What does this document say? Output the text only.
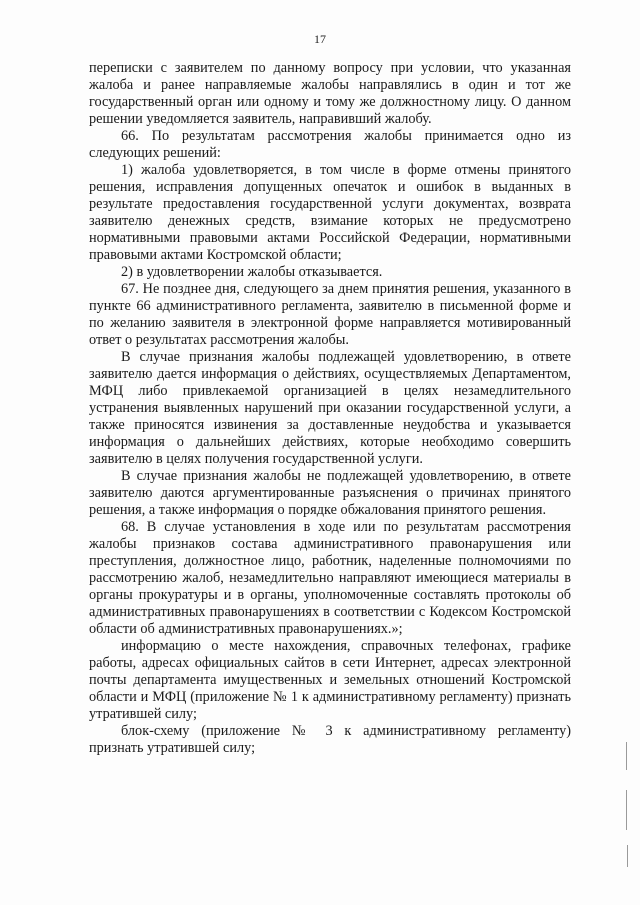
17

переписки с заявителем по данному вопросу при условии, что указанная жалоба и ранее направляемые жалобы направлялись в один и тот же государственный орган или одному и тому же должностному лицу. О данном решении уведомляется заявитель, направивший жалобу.

66. По результатам рассмотрения жалобы принимается одно из следующих решений:

1) жалоба удовлетворяется, в том числе в форме отмены принятого решения, исправления допущенных опечаток и ошибок в выданных в результате предоставления государственной услуги документах, возврата заявителю денежных средств, взимание которых не предусмотрено нормативными правовыми актами Российской Федерации, нормативными правовыми актами Костромской области;

2) в удовлетворении жалобы отказывается.

67. Не позднее дня, следующего за днем принятия решения, указанного в пункте 66 административного регламента, заявителю в письменной форме и по желанию заявителя в электронной форме направляется мотивированный ответ о результатах рассмотрения жалобы.

В случае признания жалобы подлежащей удовлетворению, в ответе заявителю дается информация о действиях, осуществляемых Департаментом, МФЦ либо привлекаемой организацией в целях незамедлительного устранения выявленных нарушений при оказании государственной услуги, а также приносятся извинения за доставленные неудобства и указывается информация о дальнейших действиях, которые необходимо совершить заявителю в целях получения государственной услуги.

В случае признания жалобы не подлежащей удовлетворению, в ответе заявителю даются аргументированные разъяснения о причинах принятого решения, а также информация о порядке обжалования принятого решения.

68. В случае установления в ходе или по результатам рассмотрения жалобы признаков состава административного правонарушения или преступления, должностное лицо, работник, наделенные полномочиями по рассмотрению жалоб, незамедлительно направляют имеющиеся материалы в органы прокуратуры и в органы, уполномоченные составлять протоколы об административных правонарушениях в соответствии с Кодексом Костромской области об административных правонарушениях.»;

информацию о месте нахождения, справочных телефонах, графике работы, адресах официальных сайтов в сети Интернет, адресах электронной почты департамента имущественных и земельных отношений Костромской области и МФЦ (приложение № 1 к административному регламенту) признать утратившей силу;

блок-схему (приложение № 3 к административному регламенту) признать утратившей силу;
